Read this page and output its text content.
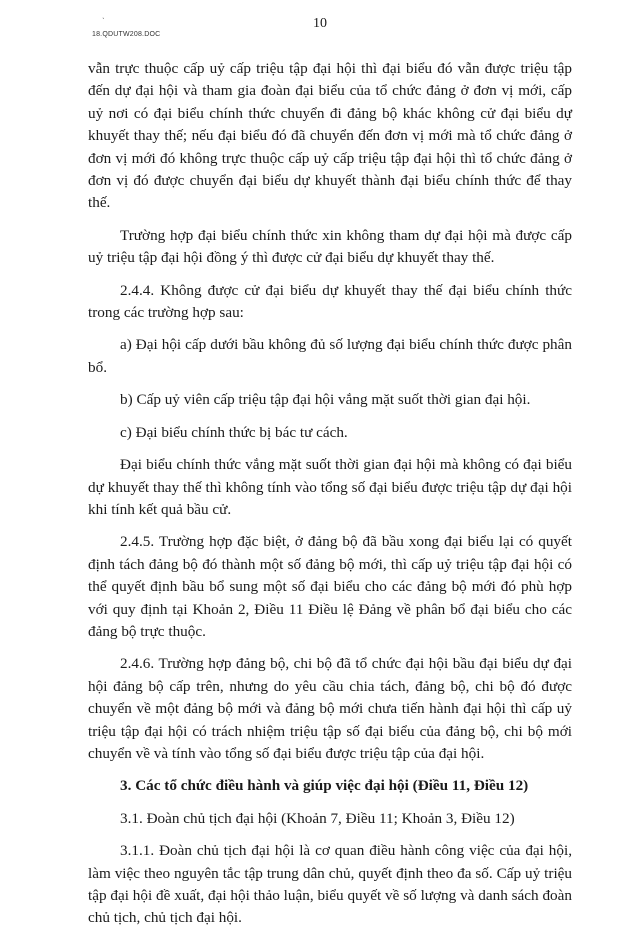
ˋ
18.QDUTW208.DOC
10

vẫn trực thuộc cấp uỷ cấp triệu tập đại hội thì đại biểu đó vẫn được triệu tập đến dự đại hội và tham gia đoàn đại biểu của tổ chức đảng ở đơn vị mới, cấp uỷ nơi có đại biểu chính thức chuyển đi đảng bộ khác không cử đại biểu dự khuyết thay thế; nếu đại biểu đó đã chuyển đến đơn vị mới mà tổ chức đảng ở đơn vị mới đó không trực thuộc cấp uỷ cấp triệu tập đại hội thì tổ chức đảng ở đơn vị đó được chuyển đại biểu dự khuyết thành đại biểu chính thức để thay thế.

Trường hợp đại biểu chính thức xin không tham dự đại hội mà được cấp uỷ triệu tập đại hội đồng ý thì được cử đại biểu dự khuyết thay thế.

2.4.4. Không được cử đại biểu dự khuyết thay thế đại biểu chính thức trong các trường hợp sau:

a) Đại hội cấp dưới bầu không đủ số lượng đại biểu chính thức được phân bổ.

b) Cấp uỷ viên cấp triệu tập đại hội vắng mặt suốt thời gian đại hội.

c) Đại biểu chính thức bị bác tư cách.

Đại biểu chính thức vắng mặt suốt thời gian đại hội mà không có đại biểu dự khuyết thay thế thì không tính vào tổng số đại biểu được triệu tập dự đại hội khi tính kết quả bầu cử.

2.4.5. Trường hợp đặc biệt, ở đảng bộ đã bầu xong đại biểu lại có quyết định tách đảng bộ đó thành một số đảng bộ mới, thì cấp uỷ triệu tập đại hội có thể quyết định bầu bổ sung một số đại biểu cho các đảng bộ mới đó phù hợp với quy định tại Khoản 2, Điều 11 Điều lệ Đảng về phân bổ đại biểu cho các đảng bộ trực thuộc.

2.4.6. Trường hợp đảng bộ, chi bộ đã tổ chức đại hội bầu đại biểu dự đại hội đảng bộ cấp trên, nhưng do yêu cầu chia tách, đảng bộ, chi bộ đó được chuyển về một đảng bộ mới và đảng bộ mới chưa tiến hành đại hội thì cấp uỷ triệu tập đại hội có trách nhiệm triệu tập số đại biểu của đảng bộ, chi bộ mới chuyển về và tính vào tổng số đại biểu được triệu tập của đại hội.

3. Các tổ chức điều hành và giúp việc đại hội (Điều 11, Điều 12)

3.1. Đoàn chủ tịch đại hội (Khoản 7, Điều 11; Khoản 3, Điều 12)

3.1.1. Đoàn chủ tịch đại hội là cơ quan điều hành công việc của đại hội, làm việc theo nguyên tắc tập trung dân chủ, quyết định theo đa số. Cấp uỷ triệu tập đại hội đề xuất, đại hội thảo luận, biểu quyết về số lượng và danh sách đoàn chủ tịch, chủ tịch đại hội.
